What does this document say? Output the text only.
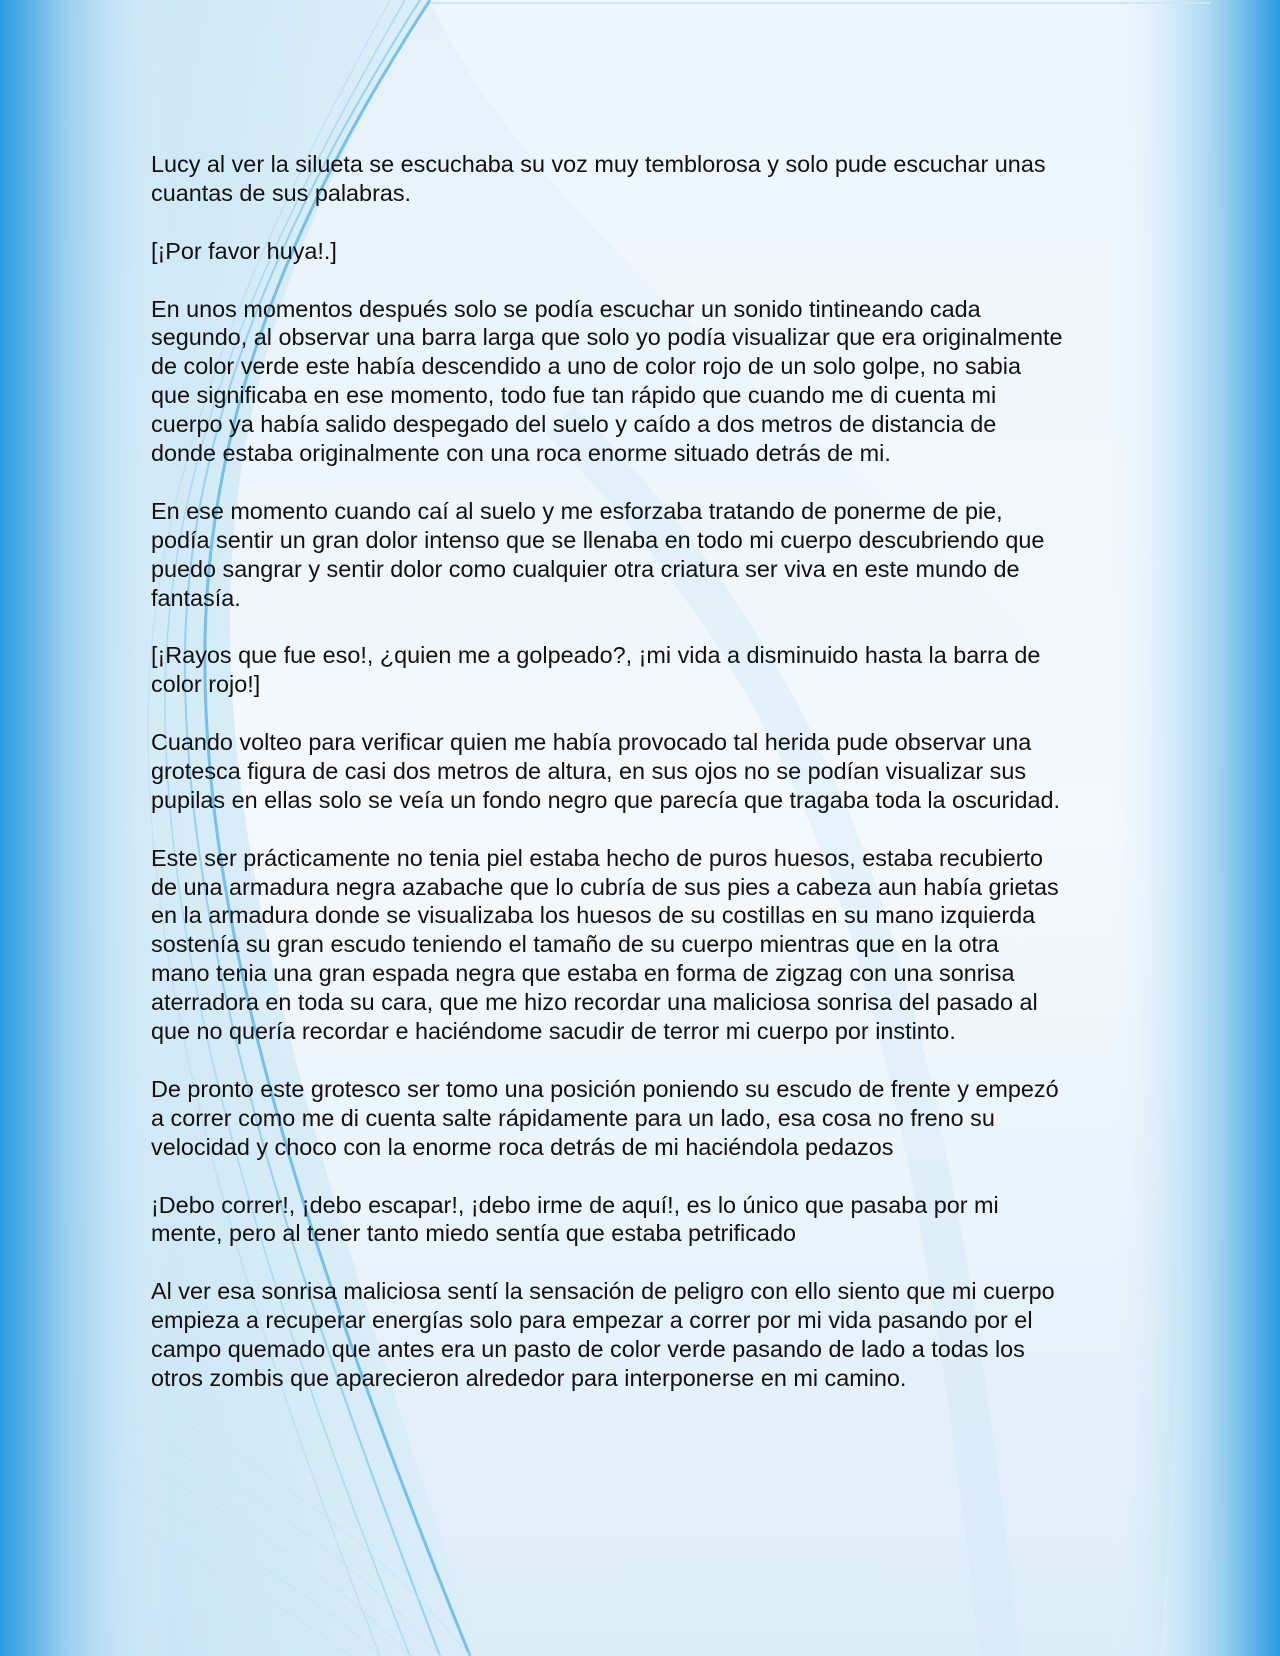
Lucy al ver la silueta se escuchaba su voz muy temblorosa y solo pude escuchar unas
cuantas de sus palabras.

[¡Por favor huya!.]

En unos momentos después solo se podía escuchar un sonido tintineando cada
segundo, al observar una barra larga que solo yo podía visualizar que era originalmente
de color verde este había descendido a uno de color rojo de un solo golpe, no sabia
que significaba en ese momento, todo fue tan rápido que cuando me di cuenta mi
cuerpo ya había salido despegado del suelo y caído a dos metros de distancia de
donde estaba originalmente con una roca enorme situado detrás de mi.

En ese momento cuando caí al suelo y me esforzaba tratando de ponerme de pie,
podía sentir un gran dolor intenso que se llenaba en todo mi cuerpo descubriendo que
puedo sangrar y sentir dolor como cualquier otra criatura ser viva en este mundo de
fantasía.

[¡Rayos que fue eso!, ¿quien me a golpeado?, ¡mi vida a disminuido hasta la barra de
color rojo!]

Cuando volteo para verificar quien me había provocado tal herida pude observar una
grotesca figura de casi dos metros de altura, en sus ojos no se podían visualizar sus
pupilas en ellas solo se veía un fondo negro que parecía que tragaba toda la oscuridad.

Este ser prácticamente no tenia piel estaba hecho de puros huesos, estaba recubierto
de una armadura negra azabache que lo cubría de sus pies a cabeza aun había grietas
en la armadura donde se visualizaba los huesos de su costillas en su mano izquierda
sostenía su gran escudo teniendo el tamaño de su cuerpo mientras que en la otra
mano tenia una gran espada negra que estaba en forma de zigzag con una sonrisa
aterradora en toda su cara, que me hizo recordar una maliciosa sonrisa del pasado al
que no quería recordar e haciéndome sacudir de terror mi cuerpo por instinto.

De pronto este grotesco ser tomo una posición poniendo su escudo de frente y empezó
a correr como me di cuenta salte rápidamente para un lado, esa cosa no freno su
velocidad y choco con la enorme roca detrás de mi haciéndola pedazos

¡Debo correr!, ¡debo escapar!, ¡debo irme de aquí!, es lo único que pasaba por mi
mente, pero al tener tanto miedo sentía que estaba petrificado

Al ver esa sonrisa maliciosa sentí la sensación de peligro con ello siento que mi cuerpo
empieza a recuperar energías solo para empezar a correr por mi vida pasando por el
campo quemado que antes era un pasto de color verde pasando de lado a todas los
otros zombis que aparecieron alrededor para interponerse en mi camino.
